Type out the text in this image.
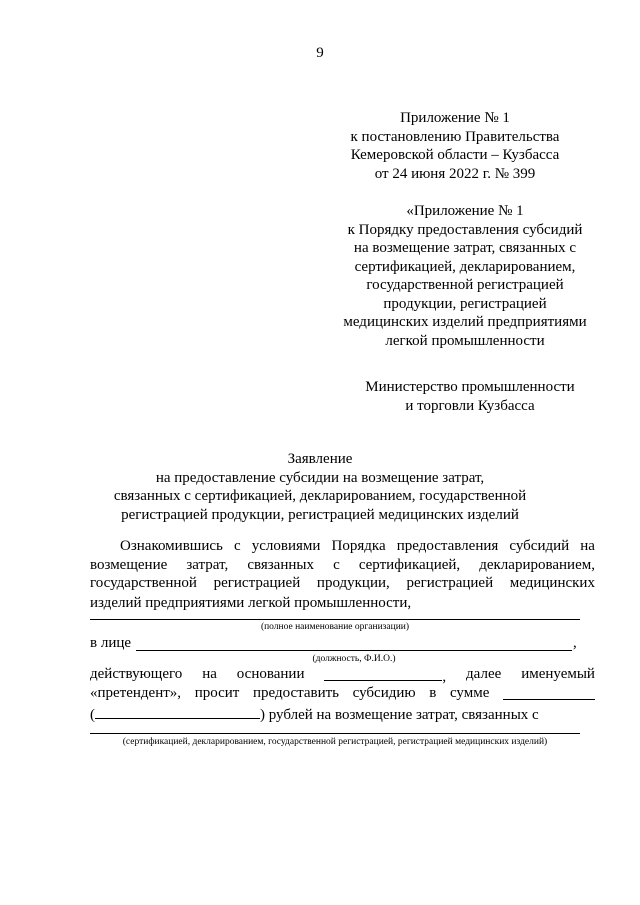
9
Приложение № 1
к постановлению Правительства
Кемеровской области – Кузбасса
от 24 июня 2022 г. № 399
«Приложение № 1
к Порядку предоставления субсидий
на возмещение затрат, связанных с
сертификацией, декларированием,
государственной регистрацией
продукции, регистрацией
медицинских изделий предприятиями
легкой промышленности
Министерство промышленности
и торговли Кузбасса
Заявление
на предоставление субсидии на возмещение затрат,
связанных с сертификацией, декларированием, государственной
регистрацией продукции, регистрацией медицинских изделий
Ознакомившись с условиями Порядка предоставления субсидий на
возмещение затрат, связанных с сертификацией, декларированием,
государственной регистрацией продукции, регистрацией медицинских
изделий предприятиями легкой промышленности,
(полное наименование организации)
в лице	,
(должность, Ф.И.О.)
действующего на основании	, далее именуемый
«претендент», просит предоставить субсидию в сумме
(	) рублей на возмещение затрат, связанных с
(сертификацией, декларированием, государственной регистрацией, регистрацией медицинских изделий)
